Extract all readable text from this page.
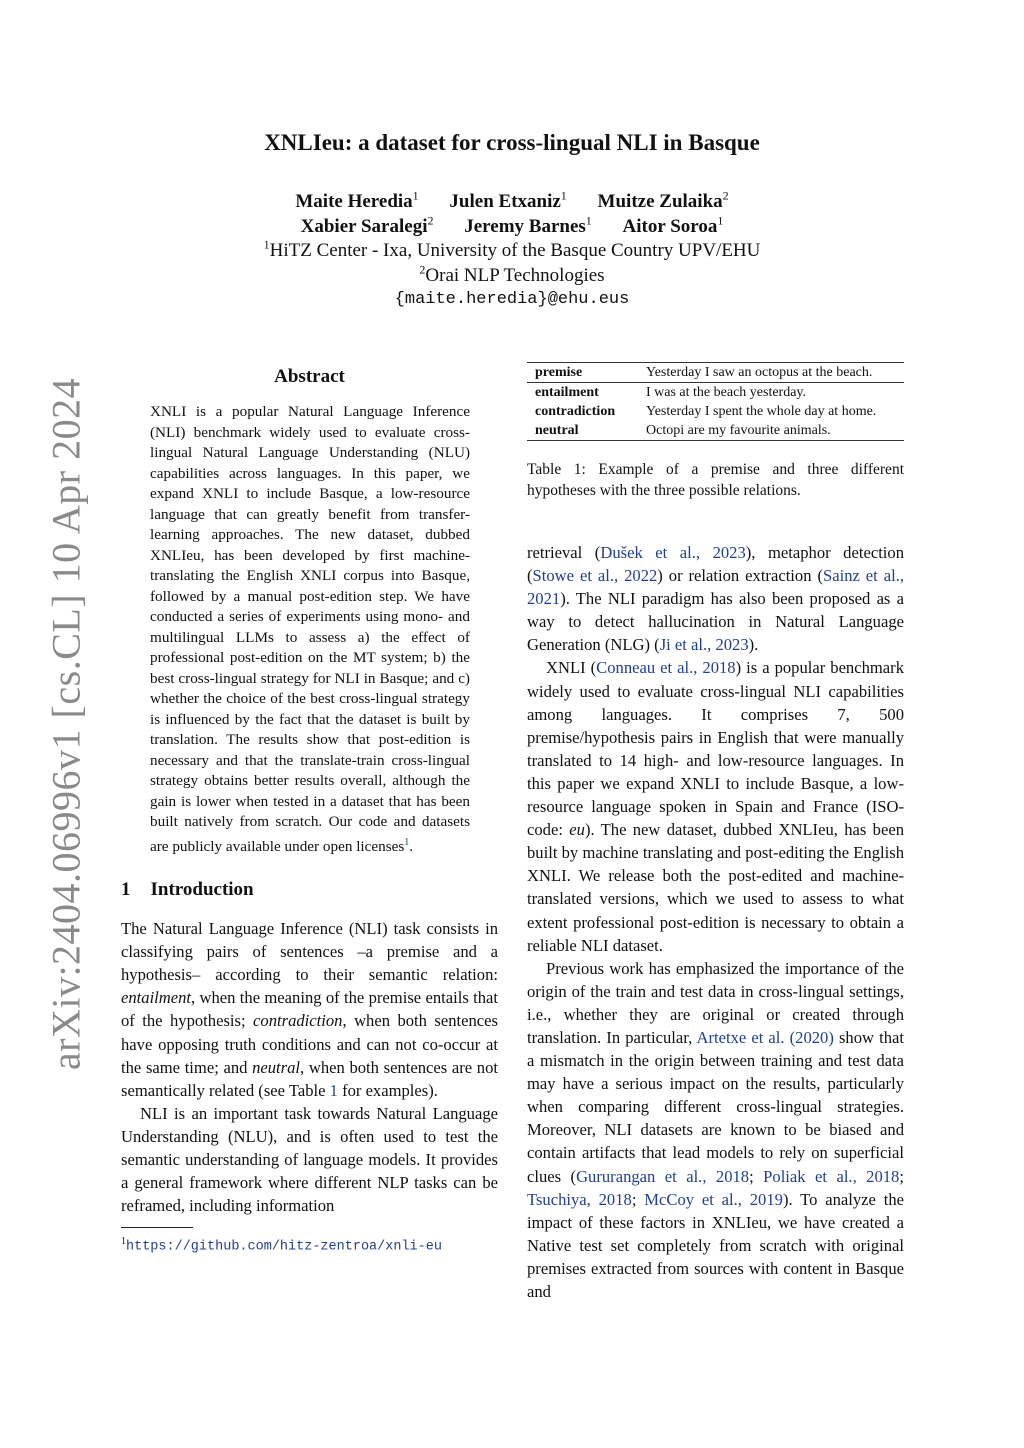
arXiv:2404.06996v1 [cs.CL] 10 Apr 2024
XNLIeu: a dataset for cross-lingual NLI in Basque
Maite Heredia$^1$ Julen Etxaniz$^1$ Muitze Zulaika$^2$
Xabier Saralegi$^2$ Jeremy Barnes$^1$ Aitor Soroa$^1$
$^1$HiTZ Center - Ixa, University of the Basque Country UPV/EHU
$^2$Orai NLP Technologies
{maite.heredia}@ehu.eus
Abstract
XNLI is a popular Natural Language Inference (NLI) benchmark widely used to evaluate cross-lingual Natural Language Understanding (NLU) capabilities across languages. In this paper, we expand XNLI to include Basque, a low-resource language that can greatly benefit from transfer-learning approaches. The new dataset, dubbed XNLIeu, has been developed by first machine-translating the English XNLI corpus into Basque, followed by a manual post-edition step. We have conducted a series of experiments using mono- and multilingual LLMs to assess a) the effect of professional post-edition on the MT system; b) the best cross-lingual strategy for NLI in Basque; and c) whether the choice of the best cross-lingual strategy is influenced by the fact that the dataset is built by translation. The results show that post-edition is necessary and that the translate-train cross-lingual strategy obtains better results overall, although the gain is lower when tested in a dataset that has been built natively from scratch. Our code and datasets are publicly available under open licenses$^1$.
1 Introduction

The Natural Language Inference (NLI) task consists in classifying pairs of sentences –a premise and a hypothesis– according to their semantic relation: entailment, when the meaning of the premise entails that of the hypothesis; contradiction, when both sentences have opposing truth conditions and can not co-occur at the same time; and neutral, when both sentences are not semantically related (see Table 1 for examples).

NLI is an important task towards Natural Language Understanding (NLU), and is often used to test the semantic understanding of language models. It provides a general framework where different NLP tasks can be reframed, including information

$^1$https://github.com/hitz-zentroa/xnli-eu
premise	Yesterday I saw an octopus at the beach.
entailment	I was at the beach yesterday.
contradiction	Yesterday I spent the whole day at home.
neutral	Octopi are my favourite animals.
Table 1: Example of a premise and three different hypotheses with the three possible relations.

retrieval (Dušek et al., 2023), metaphor detection (Stowe et al., 2022) or relation extraction (Sainz et al., 2021). The NLI paradigm has also been proposed as a way to detect hallucination in Natural Language Generation (NLG) (Ji et al., 2023).

XNLI (Conneau et al., 2018) is a popular benchmark widely used to evaluate cross-lingual NLI capabilities among languages. It comprises 7, 500 premise/hypothesis pairs in English that were manually translated to 14 high- and low-resource languages. In this paper we expand XNLI to include Basque, a low-resource language spoken in Spain and France (ISO-code: eu). The new dataset, dubbed XNLIeu, has been built by machine translating and post-editing the English XNLI. We release both the post-edited and machine-translated versions, which we used to assess to what extent professional post-edition is necessary to obtain a reliable NLI dataset.

Previous work has emphasized the importance of the origin of the train and test data in cross-lingual settings, i.e., whether they are original or created through translation. In particular, Artetxe et al. (2020) show that a mismatch in the origin between training and test data may have a serious impact on the results, particularly when comparing different cross-lingual strategies. Moreover, NLI datasets are known to be biased and contain artifacts that lead models to rely on superficial clues (Gururangan et al., 2018; Poliak et al., 2018; Tsuchiya, 2018; McCoy et al., 2019). To analyze the impact of these factors in XNLIeu, we have created a Native test set completely from scratch with original premises extracted from sources with content in Basque and
